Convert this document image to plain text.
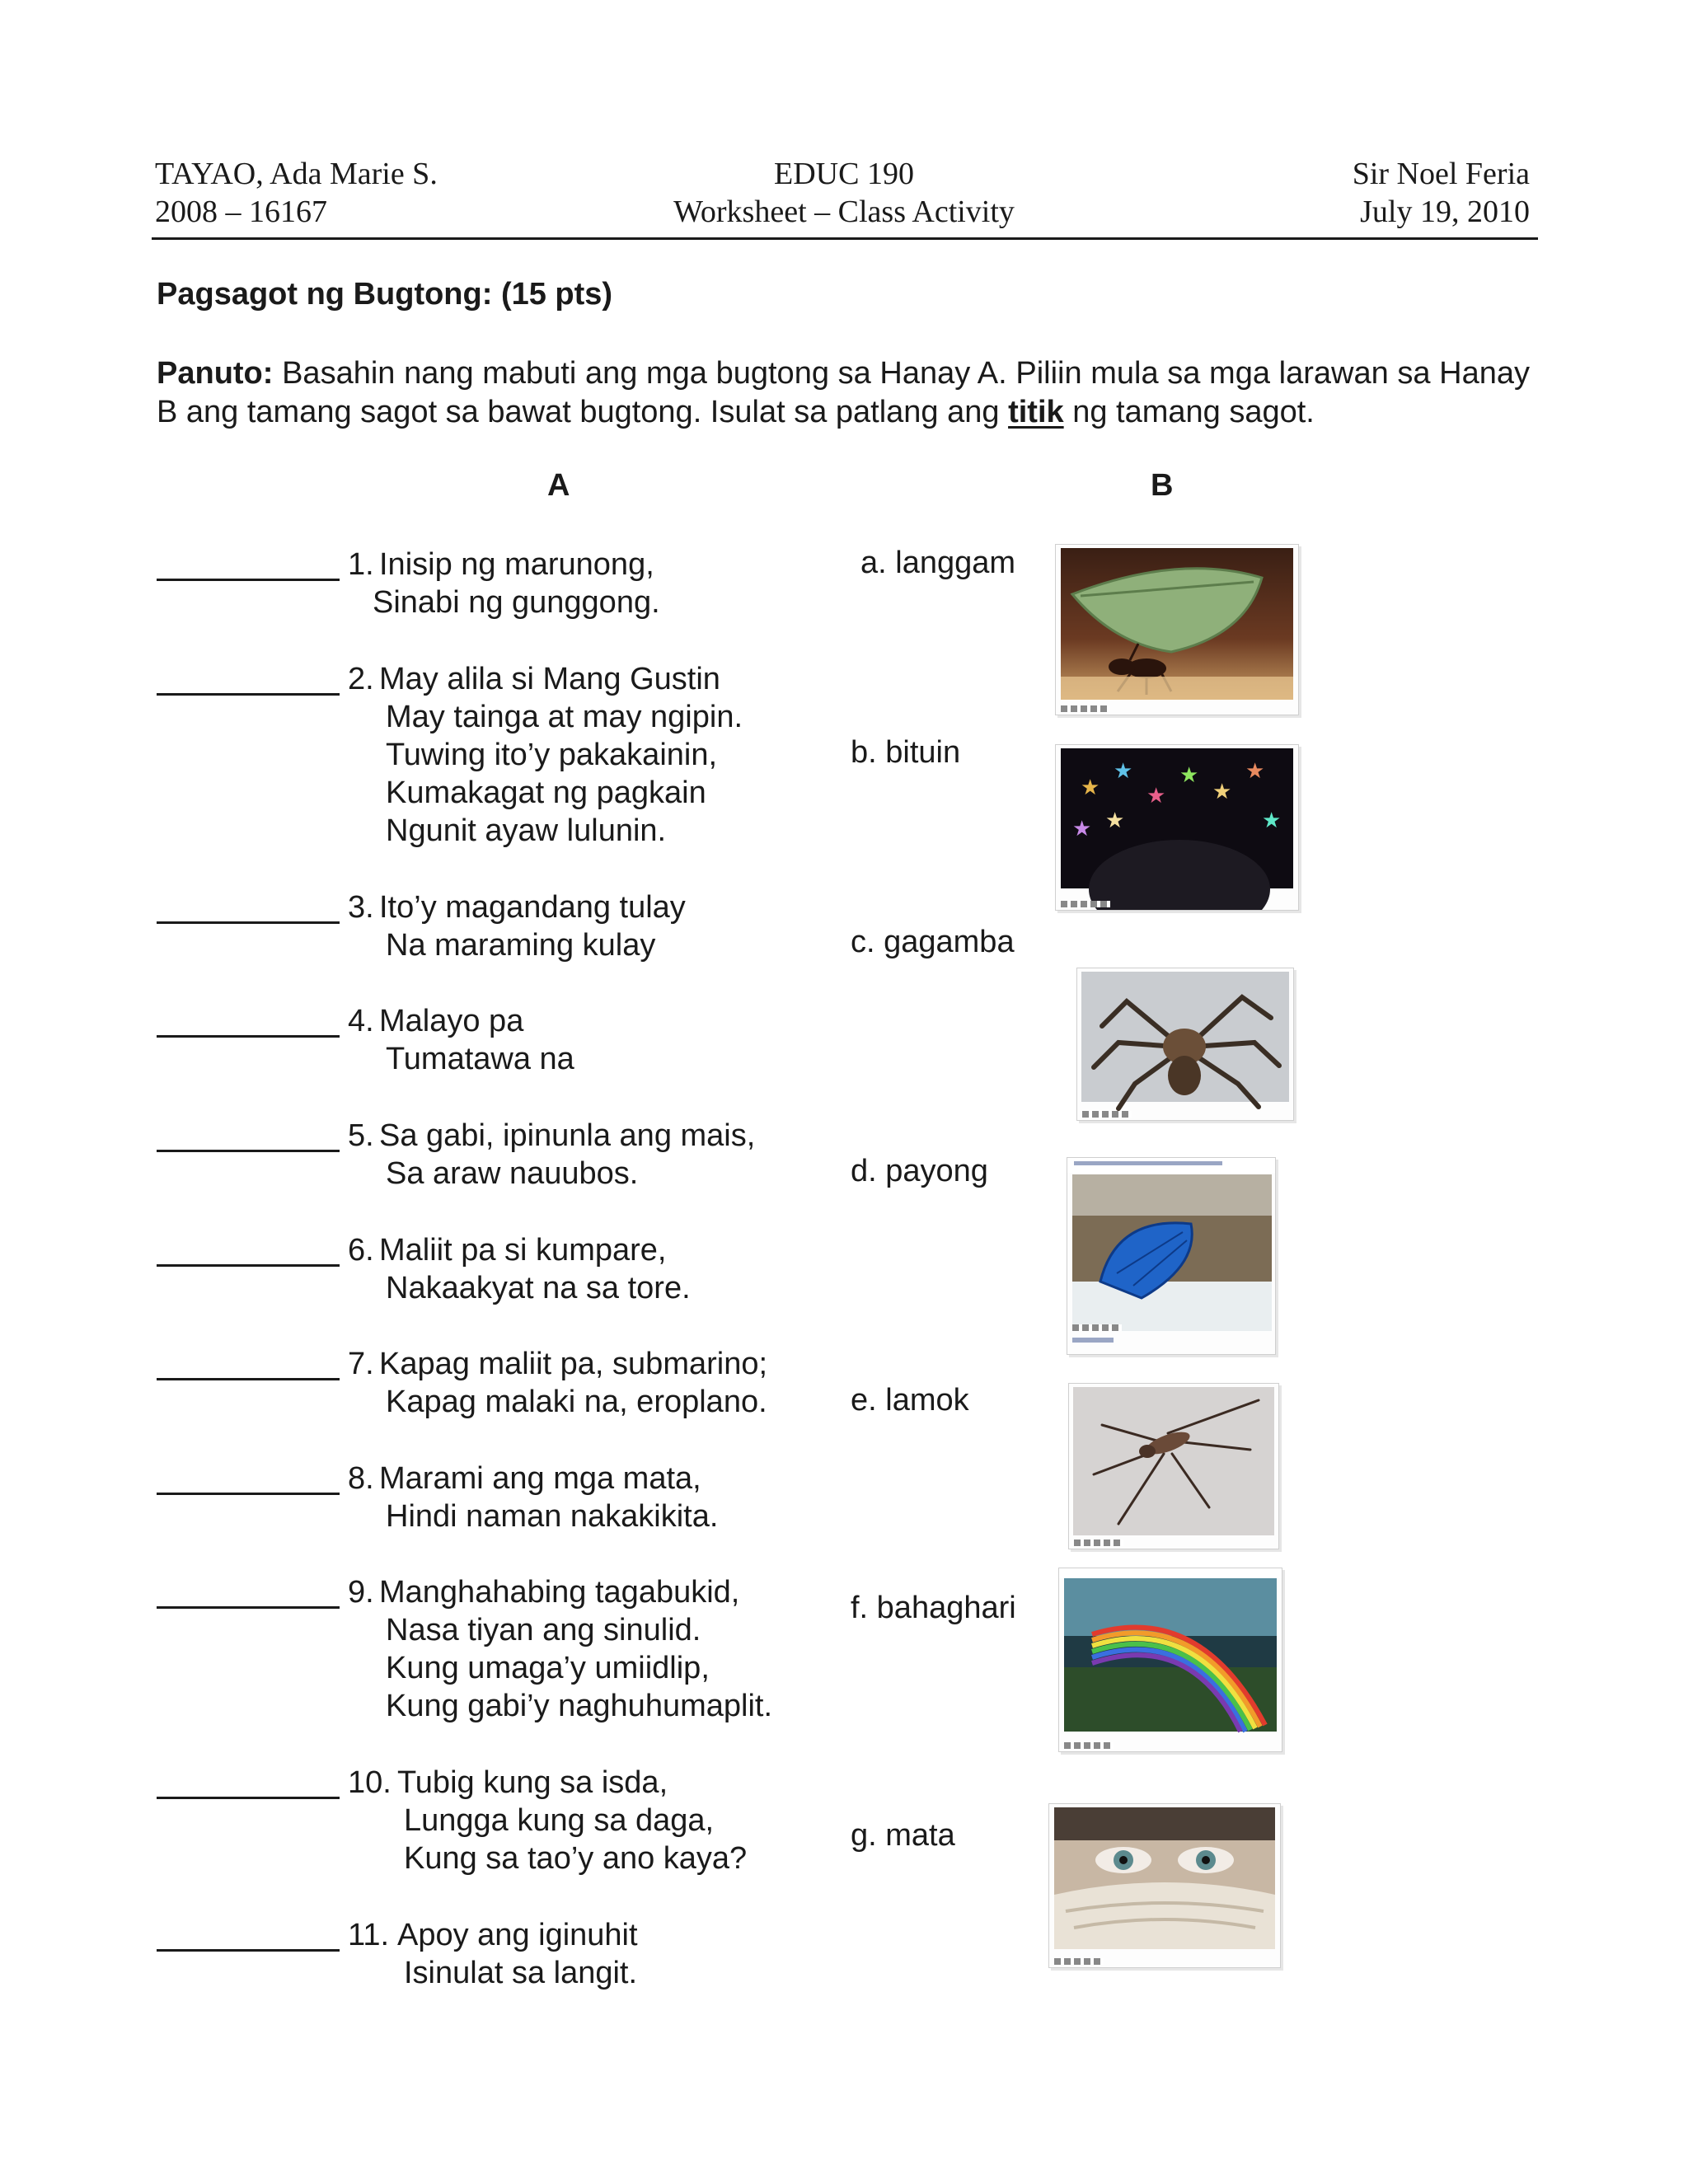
TAYAO, Ada Marie S.
2008 – 16167
EDUC 190
Worksheet – Class Activity
Sir Noel Feria
July 19, 2010
Pagsagot ng Bugtong: (15 pts)
Panuto: Basahin nang mabuti ang mga bugtong sa Hanay A. Piliin mula sa mga larawan sa Hanay B ang tamang sagot sa bawat bugtong. Isulat sa patlang ang titik ng tamang sagot.
A	B
1. Inisip ng marunong,
Sinabi ng gunggong.
2. May alila si Mang Gustin
May tainga at may ngipin.
Tuwing ito’y pakakainin,
Kumakagat ng pagkain
Ngunit ayaw lulunin.
3. Ito’y magandang tulay
Na maraming kulay
4. Malayo pa
Tumatawa na
5. Sa gabi, ipinunla ang mais,
Sa araw nauubos.
6. Maliit pa si kumpare,
Nakaakyat na sa tore.
7. Kapag maliit pa, submarino;
Kapag malaki na, eroplano.
8. Marami ang mga mata,
Hindi naman nakakikita.
9. Manghahabing tagabukid,
Nasa tiyan ang sinulid.
Kung umaga’y umiidlip,
Kung gabi’y naghuhumaplit.
10. Tubig kung sa isda,
Lungga kung sa daga,
Kung sa tao’y ano kaya?
11. Apoy ang iginuhit
Isinulat sa langit.
a. langgam
b. bituin
★
★
★
★
★
★
★	★
★
c. gagamba
d. payong
e. lamok
f. bahaghari
g. mata
